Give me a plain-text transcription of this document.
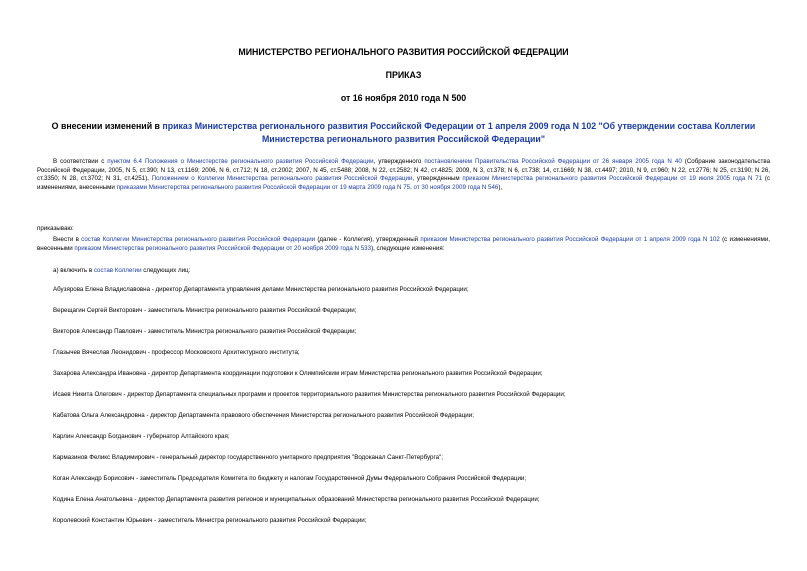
МИНИСТЕРСТВО РЕГИОНАЛЬНОГО РАЗВИТИЯ РОССИЙСКОЙ ФЕДЕРАЦИИ
ПРИКАЗ
от 16 ноября 2010 года N 500
О внесении изменений в приказ Министерства регионального развития Российской Федерации от 1 апреля 2009 года N 102 "Об утверждении состава Коллегии
Министерства регионального развития Российской Федерации"

В соответствии с пунктом 6.4 Положения о Министерстве регионального развития Российской Федерации, утвержденного постановлением Правительства Российской Федерации от 26 января 2005 года N 40 (Собрание законодательства Российской Федерации, 2005, N 5, ст.390; N 13, ст.1169; 2006, N 6, ст.712; N 18, ст.2002; 2007, N 45, ст.5488; 2008, N 22, ст.2582; N 42, ст.4825; 2009, N 3, ст.378; N 6, ст.738; 14, ст.1669; N 38, ст.4497; 2010, N 9, ст.960; N 22, ст.2776; N 25, ст.3190; N 26, ст.3350; N 28, ст.3702; N 31, ст.4251), Положением о Коллегии Министерства регионального развития Российской Федерации, утвержденным приказом Министерства регионального развития Российской Федерации от 19 июля 2005 года N 71 (с изменениями, внесенными приказами Министерства регионального развития Российской Федерации от 19 марта 2009 года N 75, от 30 ноября 2009 года N 546),

приказываю:

Внести в состав Коллегии Министерства регионального развития Российской Федерации (далее - Коллегия), утвержденный приказом Министерства регионального развития Российской Федерации от 1 апреля 2009 года N 102 (с изменениями, внесенными приказом Министерства регионального развития Российской Федерации от 20 ноября 2009 года N 533), следующие изменения:

а) включить в состав Коллегии следующих лиц:

Абузярова Елена Владиславовна - директор Департамента управления делами Министерства регионального развития Российской Федерации;

Верещагин Сергей Викторович - заместитель Министра регионального развития Российской Федерации;

Викторов Александр Павлович - заместитель Министра регионального развития Российской Федерации;

Глазычев Вячеслав Леонидович - профессор Московского Архитектурного института;

Захарова Александра Ивановна - директор Департамента координации подготовки к Олимпийским играм Министерства регионального развития Российской Федерации;

Исаев Никита Олегович - директор Департамента специальных программ и проектов территориального развития Министерства регионального развития Российской Федерации;

Кабатова Ольга Александровна - директор Департамента правового обеспечения Министерства регионального развития Российской Федерации;

Карлин Александр Богданович - губернатор Алтайского края;

Кармазинов Феликс Владимирович - генеральный директор государственного унитарного предприятия "Водоканал Санкт-Петербурга";

Коган Александр Борисович - заместитель Председателя Комитета по бюджету и налогам Государственной Думы Федерального Собрания Российской Федерации;

Кодина Елена Анатольевна - директор Департамента развития регионов и муниципальных образований Министерства регионального развития Российской Федерации;

Королевский Константин Юрьевич - заместитель Министра регионального развития Российской Федерации;
